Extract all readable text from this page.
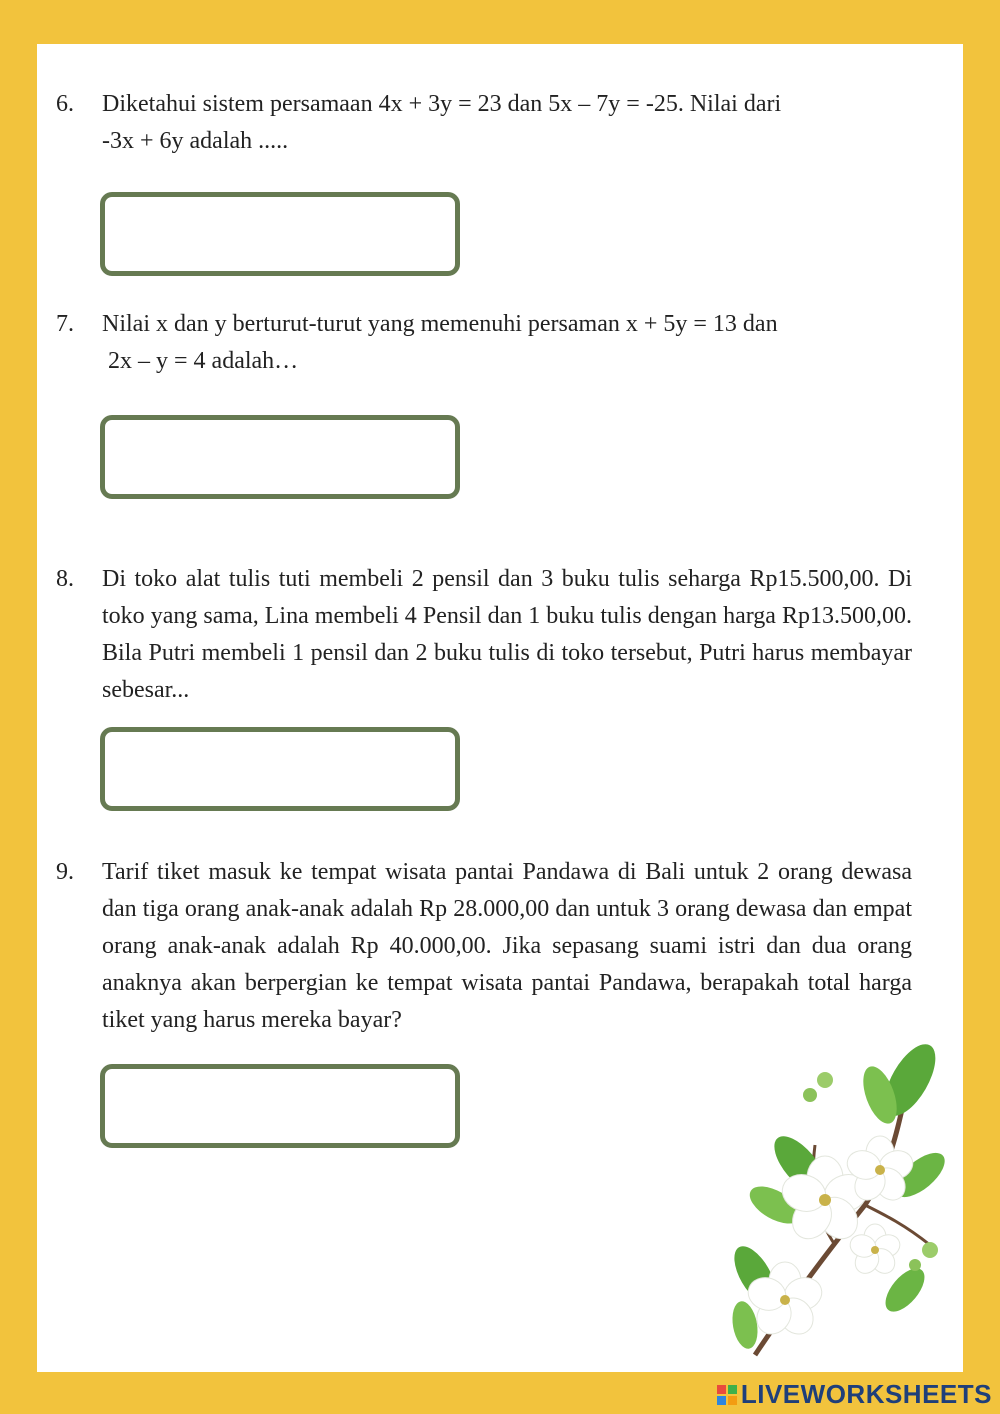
6. Diketahui sistem persamaan 4x + 3y = 23 dan 5x – 7y = -25. Nilai dari
-3x + 6y adalah .....
7. Nilai x dan y berturut-turut yang memenuhi persaman x + 5y = 13 dan
2x – y = 4 adalah…
8. Di toko alat tulis tuti membeli 2 pensil dan 3 buku tulis seharga Rp15.500,00. Di toko yang sama, Lina membeli 4 Pensil dan 1 buku tulis dengan harga Rp13.500,00. Bila Putri membeli 1 pensil dan 2 buku tulis di toko tersebut, Putri harus membayar sebesar...
9. Tarif tiket masuk ke tempat wisata pantai Pandawa di Bali untuk 2 orang dewasa dan tiga orang anak-anak adalah Rp 28.000,00 dan untuk 3 orang dewasa dan empat orang anak-anak adalah Rp 40.000,00. Jika sepasang suami istri dan dua orang anaknya akan berpergian ke tempat wisata pantai Pandawa, berapakah total harga tiket yang harus mereka bayar?
LIVEWORKSHEETS
